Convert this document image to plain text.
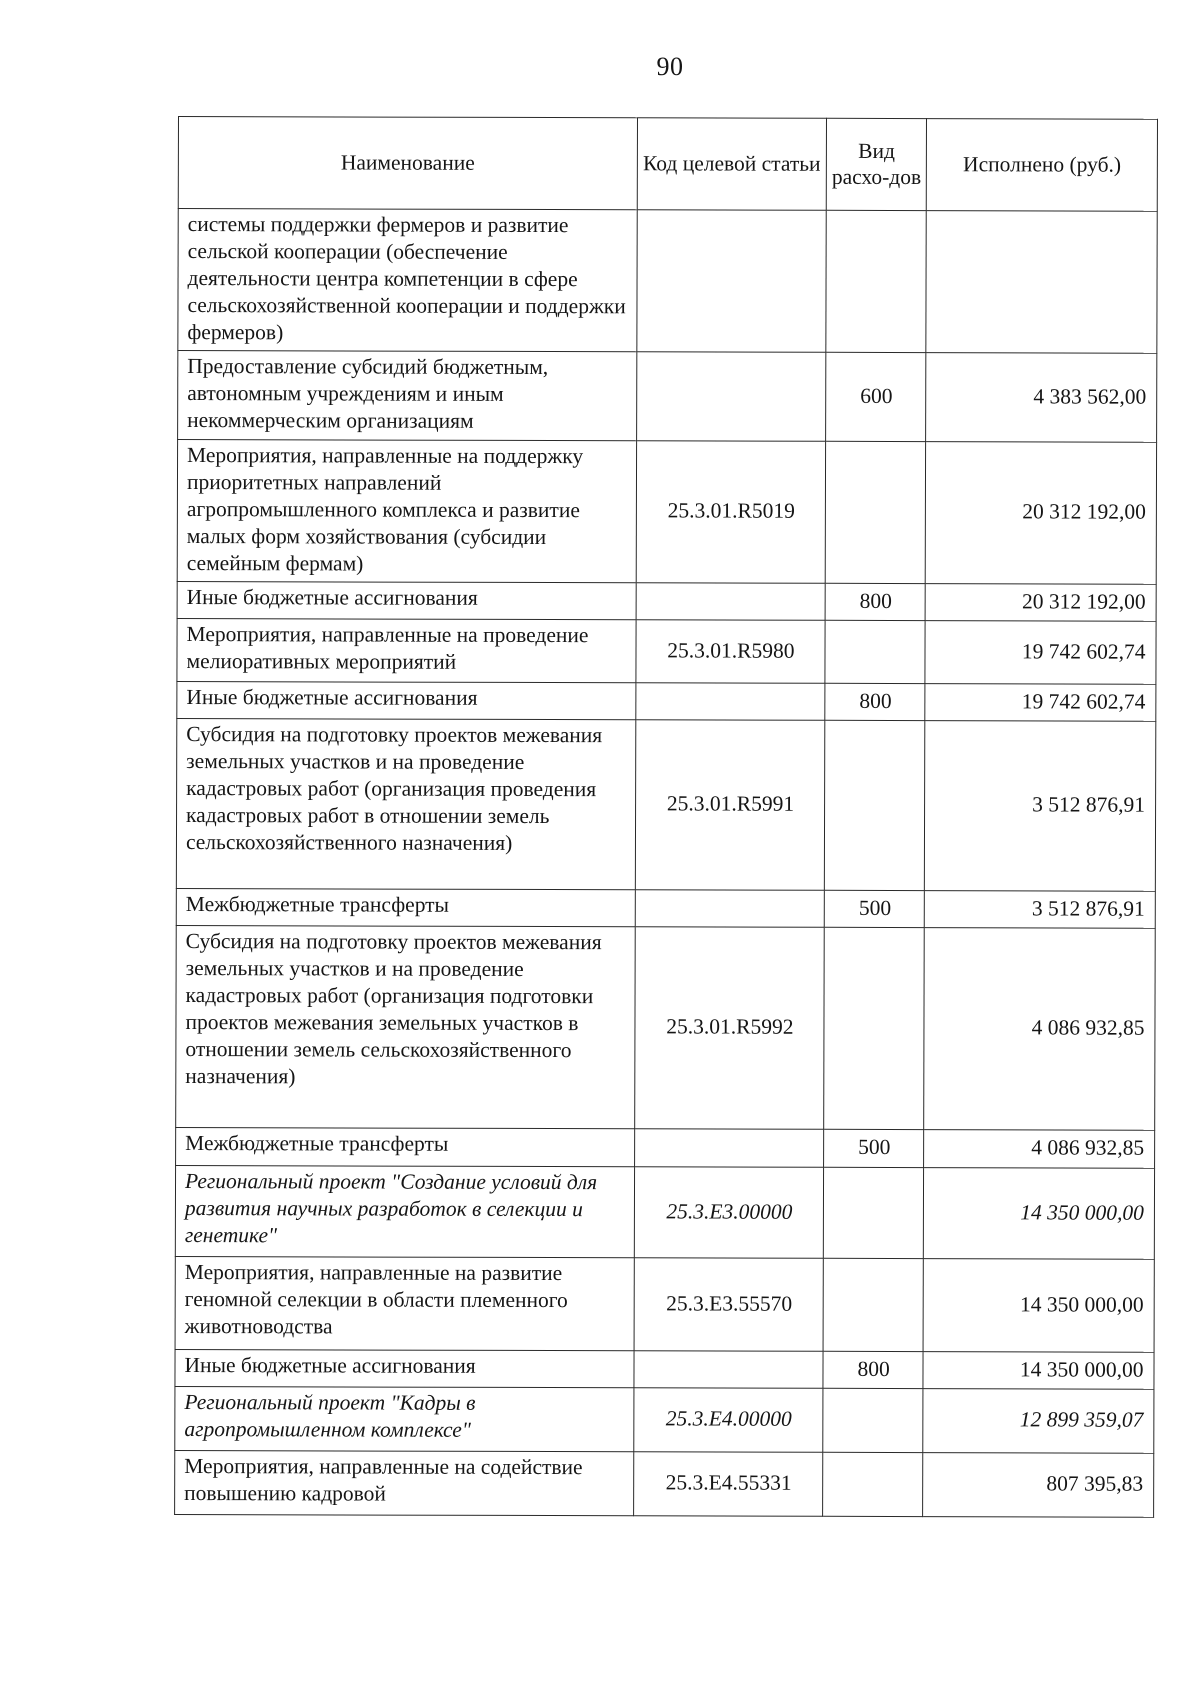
90
Наименование	Код целевой статьи	Вид расхо-дов	Исполнено (руб.)
системы поддержки фермеров и развитие сельской кооперации (обеспечение деятельности центра компетенции в сфере сельскохозяйственной кооперации и поддержки фермеров)			
Предоставление субсидий бюджетным, автономным учреждениям и иным некоммерческим организациям		600	4 383 562,00
Мероприятия, направленные на поддержку приоритетных направлений агропромышленного комплекса и развитие малых форм хозяйствования (субсидии семейным фермам)	25.3.01.R5019		20 312 192,00
Иные бюджетные ассигнования		800	20 312 192,00
Мероприятия, направленные на проведение мелиоративных мероприятий	25.3.01.R5980		19 742 602,74
Иные бюджетные ассигнования		800	19 742 602,74
Субсидия на подготовку проектов межевания земельных участков и на проведение кадастровых работ (организация проведения кадастровых работ в отношении земель сельскохозяйственного назначения)	25.3.01.R5991		3 512 876,91
Межбюджетные трансферты		500	3 512 876,91
Субсидия на подготовку проектов межевания земельных участков и на проведение кадастровых работ (организация подготовки проектов межевания земельных участков в отношении земель сельскохозяйственного назначения)	25.3.01.R5992		4 086 932,85
Межбюджетные трансферты		500	4 086 932,85
Региональный проект "Создание условий для развития научных разработок в селекции и генетике"	25.3.E3.00000		14 350 000,00
Мероприятия, направленные на развитие геномной селекции в области племенного животноводства	25.3.E3.55570		14 350 000,00
Иные бюджетные ассигнования		800	14 350 000,00
Региональный проект "Кадры в агропромышленном комплексе"	25.3.E4.00000		12 899 359,07
Мероприятия, направленные на содействие повышению кадровой	25.3.E4.55331		807 395,83
